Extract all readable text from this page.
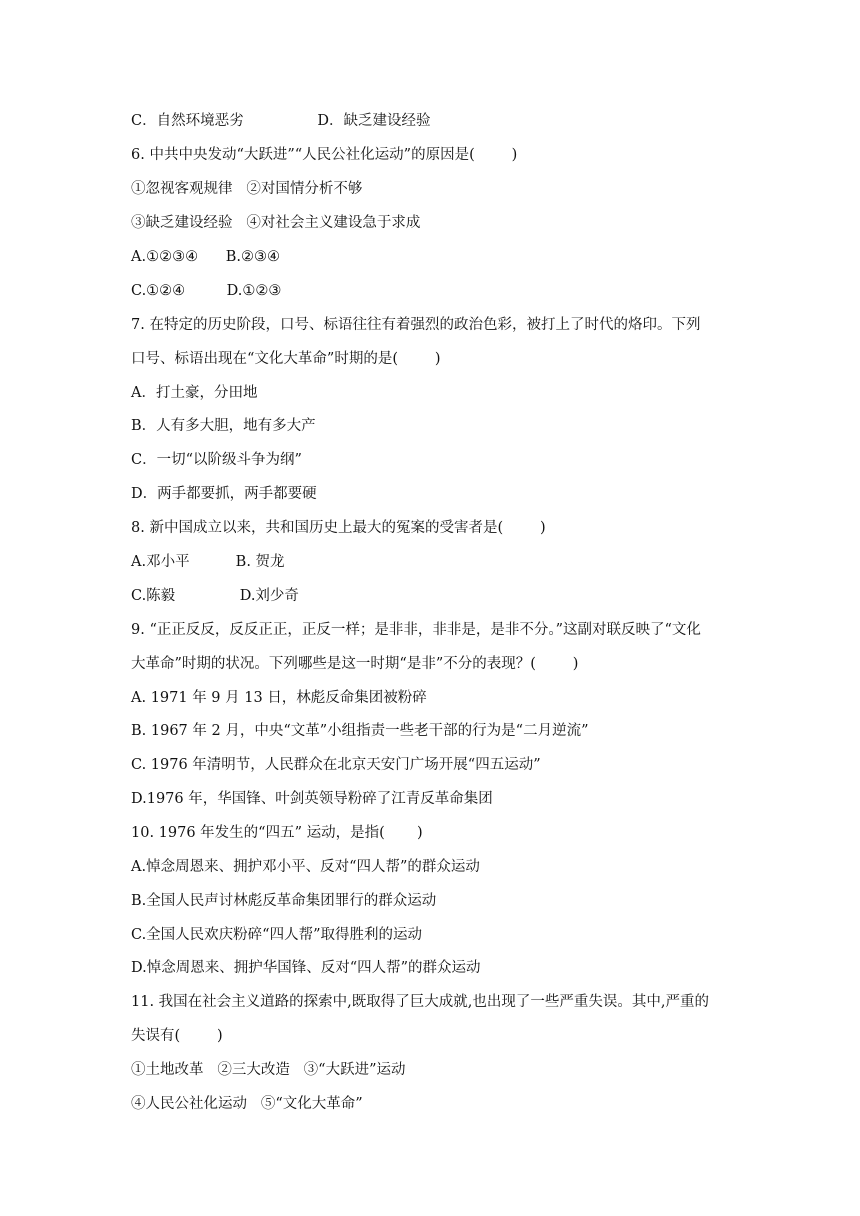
C．自然环境恶劣                D．缺乏建设经验
6. 中共中央发动“大跃进”“人民公社化运动”的原因是(        )
①忽视客观规律   ②对国情分析不够
③缺乏建设经验   ④对社会主义建设急于求成
A.①②③④      B.②③④
C.①②④         D.①②③
7. 在特定的历史阶段，口号、标语往往有着强烈的政治色彩，被打上了时代的烙印。下列
口号、标语出现在“文化大革命”时期的是(        )
A．打土豪，分田地
B．人有多大胆，地有多大产
C．一切“以阶级斗争为纲”
D．两手都要抓，两手都要硬
8. 新中国成立以来，共和国历史上最大的冤案的受害者是(        )
A.邓小平          B. 贺龙
C.陈毅              D.刘少奇
9. “正正反反，反反正正，正反一样；是非非，非非是，是非不分。”这副对联反映了“文化
大革命”时期的状况。下列哪些是这一时期“是非”不分的表现？(        )
A. 1971 年 9 月 13 日，林彪反命集团被粉碎
B. 1967 年 2 月，中央“文革”小组指责一些老干部的行为是“二月逆流”
C. 1976 年清明节，人民群众在北京天安门广场开展“四五运动”
D.1976 年，华国锋、叶剑英领导粉碎了江青反革命集团
10. 1976 年发生的“四五” 运动，是指(       )
A.悼念周恩来、拥护邓小平、反对“四人帮”的群众运动
B.全国人民声讨林彪反革命集团罪行的群众运动
C.全国人民欢庆粉碎“四人帮”取得胜利的运动
D.悼念周恩来、拥护华国锋、反对“四人帮”的群众运动
11. 我国在社会主义道路的探索中,既取得了巨大成就,也出现了一些严重失误。其中,严重的
失误有(        )
①土地改革   ②三大改造   ③“大跃进”运动
④人民公社化运动   ⑤“文化大革命”
